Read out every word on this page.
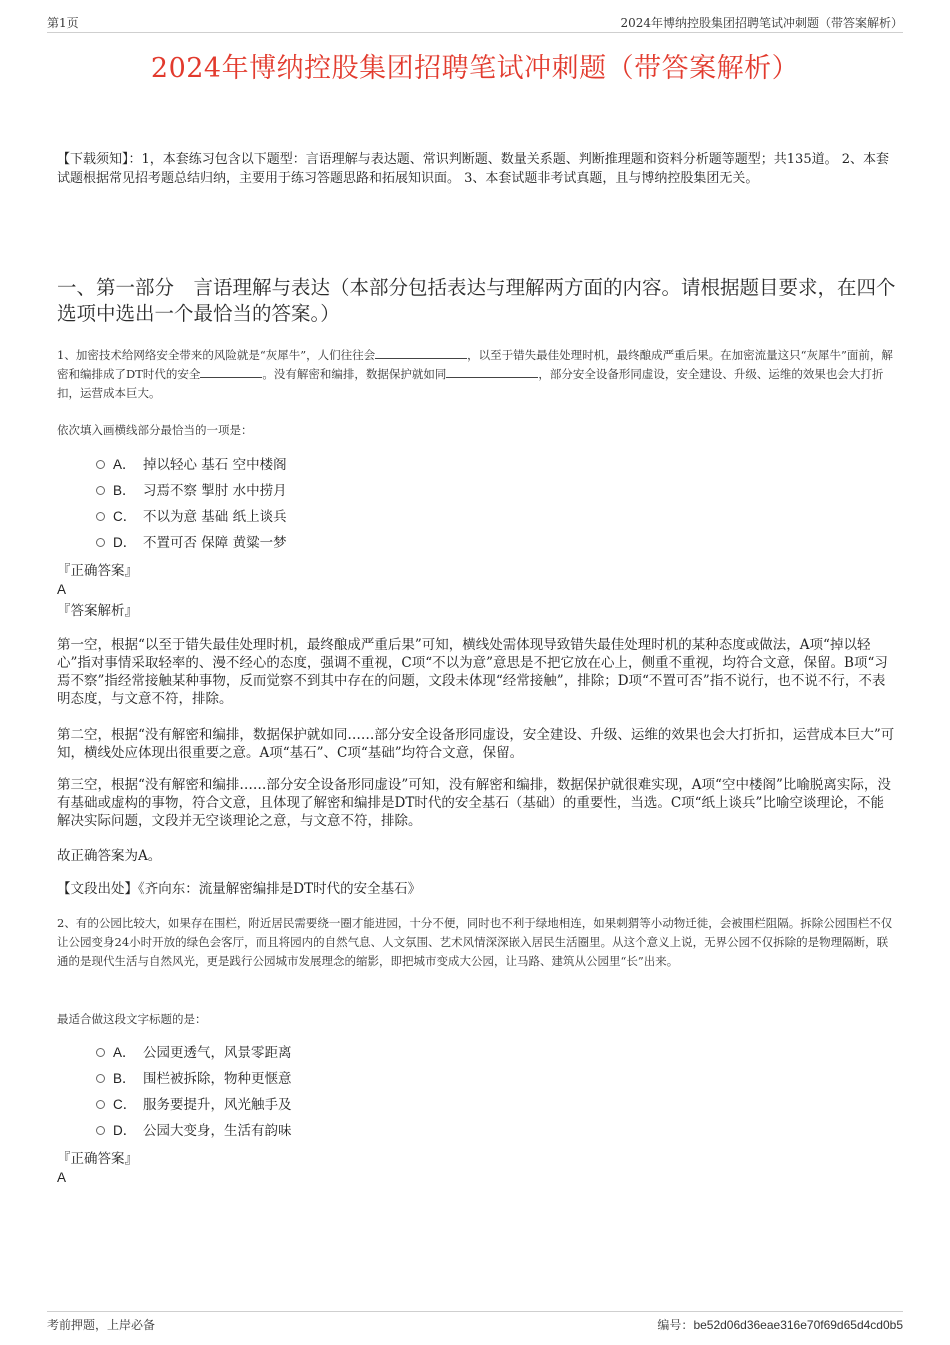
第1页	2024年博纳控股集团招聘笔试冲刺题（带答案解析）
2024年博纳控股集团招聘笔试冲刺题（带答案解析）
【下载须知】：1，本套练习包含以下题型：言语理解与表达题、常识判断题、数量关系题、判断推理题和资料分析题等题型；共135道。 2、本套试题根据常见招考题总结归纳，主要用于练习答题思路和拓展知识面。 3、本套试题非考试真题，且与博纳控股集团无关。
一、第一部分　言语理解与表达（本部分包括表达与理解两方面的内容。请根据题目要求，在四个选项中选出一个最恰当的答案。）
1、加密技术给网络安全带来的风险就是“灰犀牛”，人们往往会	，以至于错失最佳处理时机，最终酿成严重后果。在加密流量这只“灰犀牛”面前，解密和编排成了DT时代的安全	。没有解密和编排，数据保护就如同	，部分安全设备形同虚设，安全建设、升级、运维的效果也会大打折扣，运营成本巨大。
依次填入画横线部分最恰当的一项是：
A． 掉以轻心 基石 空中楼阁
B． 习焉不察 掣肘 水中捞月
C． 不以为意 基础 纸上谈兵
D． 不置可否 保障 黄粱一梦
『正确答案』
A
『答案解析』
第一空，根据“以至于错失最佳处理时机，最终酿成严重后果”可知，横线处需体现导致错失最佳处理时机的某种态度或做法，A项“掉以轻心”指对事情采取轻率的、漫不经心的态度，强调不重视，C项“不以为意”意思是不把它放在心上，侧重不重视，均符合文意，保留。B项“习焉不察”指经常接触某种事物，反而觉察不到其中存在的问题，文段未体现“经常接触”，排除；D项“不置可否”指不说行，也不说不行，不表明态度，与文意不符，排除。
第二空，根据“没有解密和编排，数据保护就如同……部分安全设备形同虚设，安全建设、升级、运维的效果也会大打折扣，运营成本巨大”可知，横线处应体现出很重要之意。A项“基石”、C项“基础”均符合文意，保留。
第三空，根据“没有解密和编排……部分安全设备形同虚设”可知，没有解密和编排，数据保护就很难实现，A项“空中楼阁”比喻脱离实际，没有基础或虚构的事物，符合文意，且体现了解密和编排是DT时代的安全基石（基础）的重要性，当选。C项“纸上谈兵”比喻空谈理论，不能解决实际问题，文段并无空谈理论之意，与文意不符，排除。
故正确答案为A。
【文段出处】《齐向东：流量解密编排是DT时代的安全基石》
2、有的公园比较大，如果存在围栏，附近居民需要绕一圈才能进园，十分不便，同时也不利于绿地相连，如果刺猬等小动物迁徙，会被围栏阻隔。拆除公园围栏不仅让公园变身24小时开放的绿色会客厅，而且将园内的自然气息、人文氛围、艺术风情深深嵌入居民生活圈里。从这个意义上说，无界公园不仅拆除的是物理隔断，联通的是现代生活与自然风光，更是践行公园城市发展理念的缩影，即把城市变成大公园，让马路、建筑从公园里“长”出来。
最适合做这段文字标题的是：
A． 公园更透气，风景零距离
B． 围栏被拆除，物种更惬意
C． 服务要提升，风光触手及
D． 公园大变身，生活有韵味
『正确答案』
A
考前押题，上岸必备	编号：be52d06d36eae316e70f69d65d4cd0b5
